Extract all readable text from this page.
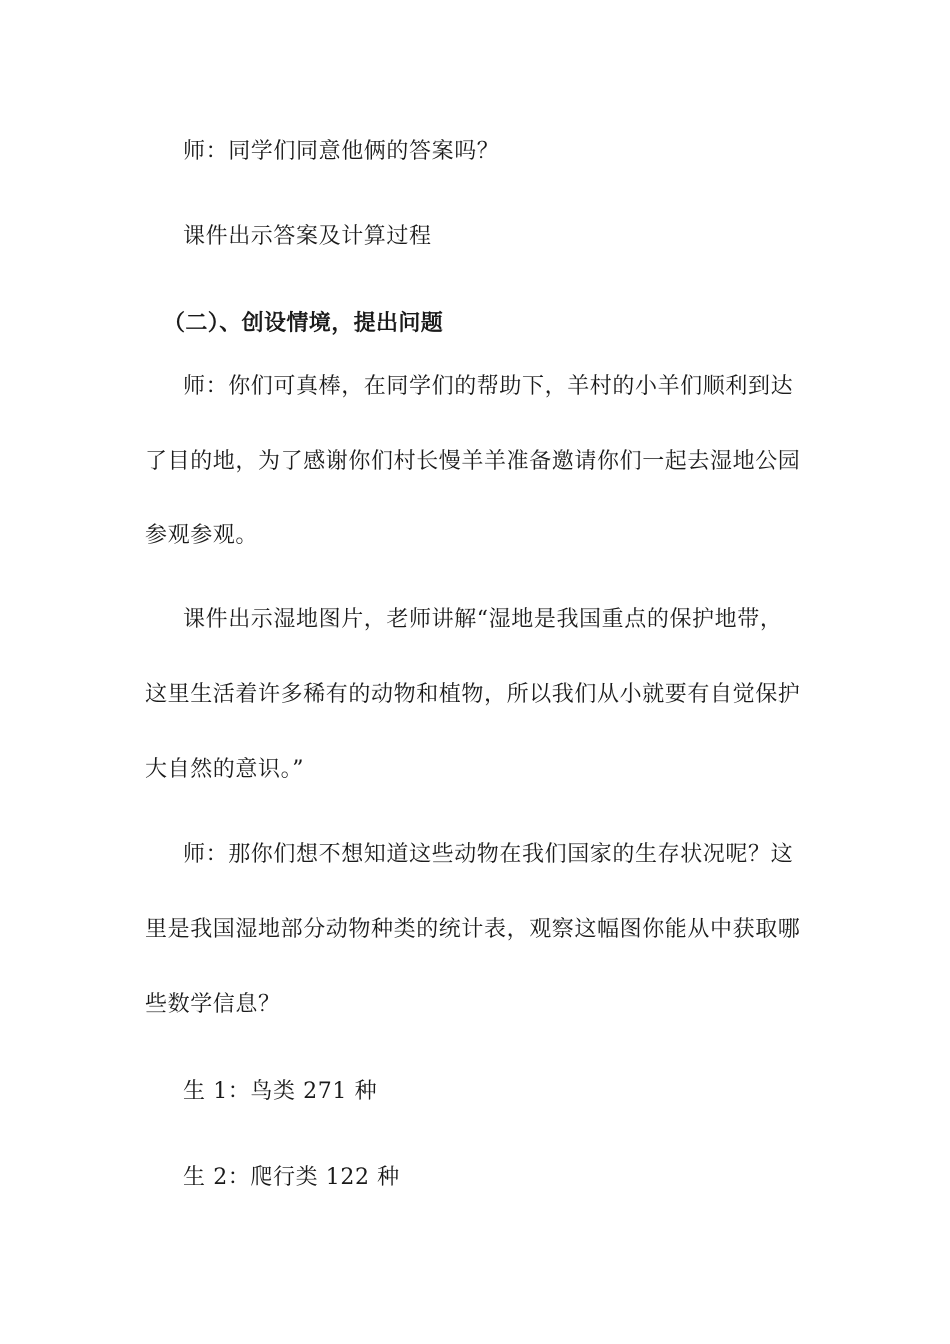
师：同学们同意他俩的答案吗？
课件出示答案及计算过程
（二）、创设情境，提出问题
师：你们可真棒，在同学们的帮助下，羊村的小羊们顺利到达
了目的地，为了感谢你们村长慢羊羊准备邀请你们一起去湿地公园
参观参观。
课件出示湿地图片，老师讲解“湿地是我国重点的保护地带，
这里生活着许多稀有的动物和植物，所以我们从小就要有自觉保护
大自然的意识。”
师：那你们想不想知道这些动物在我们国家的生存状况呢？这
里是我国湿地部分动物种类的统计表，观察这幅图你能从中获取哪
些数学信息？
生 1：鸟类 271 种
生 2：爬行类 122 种
